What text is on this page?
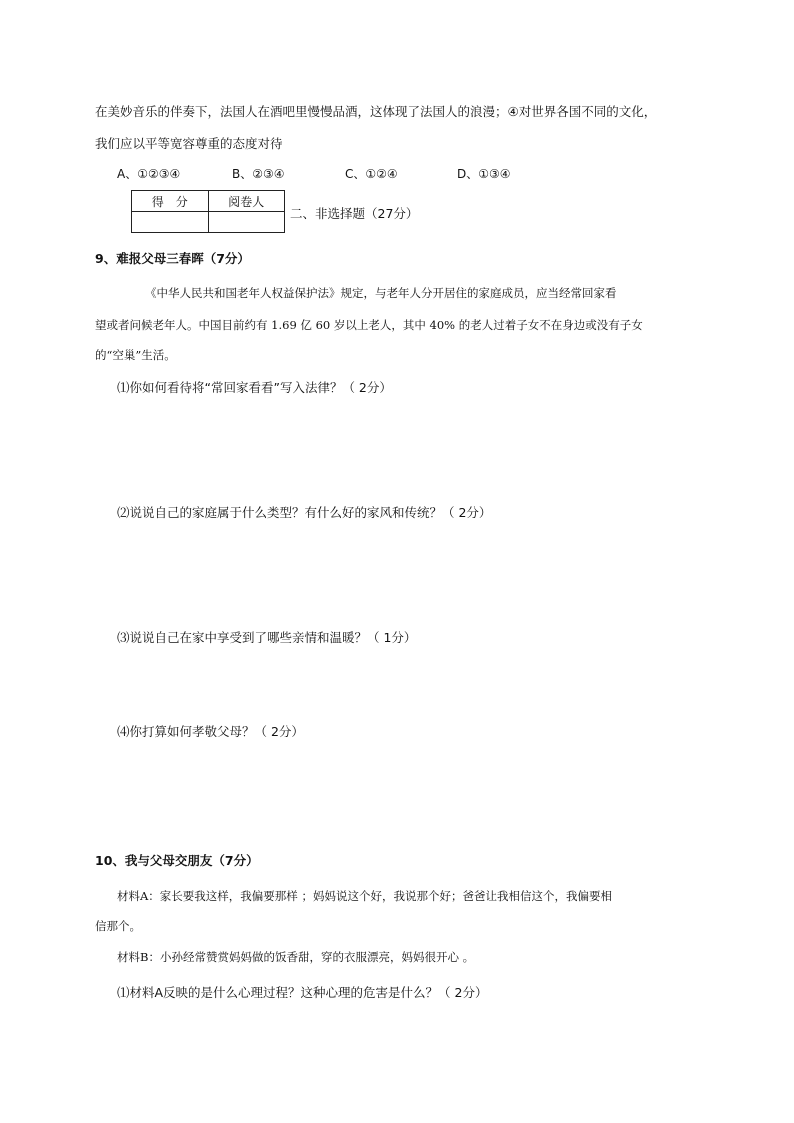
在美妙音乐的伴奏下，法国人在酒吧里慢慢品酒，这体现了法国人的浪漫；④对世界各国不同的文化，
我们应以平等宽容尊重的态度对待
A、①②③④	B、②③④	C、①②④	D、①③④
得　分	阅卷人

二、非选择题（27分）
9、难报父母三春晖（7分）
《中华人民共和国老年人权益保护法》规定，与老年人分开居住的家庭成员，应当经常回家看
望或者问候老年人。中国目前约有 1.69 亿 60 岁以上老人，其中 40% 的老人过着子女不在身边或没有子女
的“空巢”生活。
⑴你如何看待将“常回家看看”写入法律？（ 2分）
⑵说说自己的家庭属于什么类型？有什么好的家风和传统？（ 2分）
⑶说说自己在家中享受到了哪些亲情和温暖？（ 1分）
⑷你打算如何孝敬父母？（ 2分）
10、我与父母交朋友（7分）
材料A：家长要我这样，我偏要那样 ；妈妈说这个好，我说那个好；爸爸让我相信这个，我偏要相
信那个。
材料B：小孙经常赞赏妈妈做的饭香甜，穿的衣服漂亮，妈妈很开心 。
⑴材料A反映的是什么心理过程？这种心理的危害是什么？（ 2分）
